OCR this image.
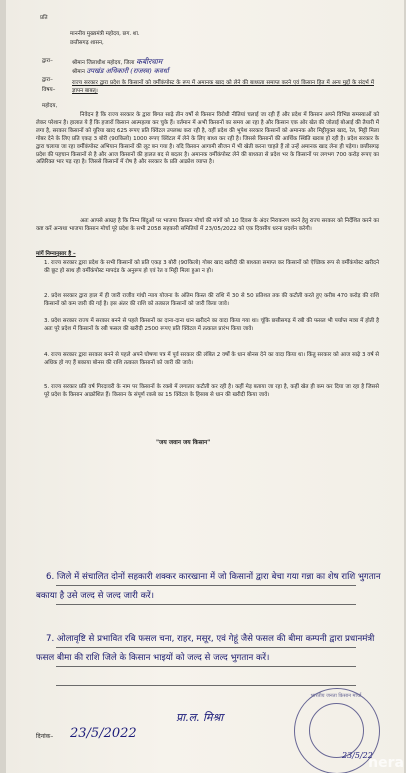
प्रति
माननीय मुख्यमंत्री महोदय, छग. शा.
छत्तीसगढ़ शासन,
द्वारा–	श्रीमान जिलाधीश महोदय, जिला कबीरधाम
श्रीमान उपखंड अधिकारी (राजस्व) कवर्धा
द्वारा–
विषय–
राज्य सरकार द्वारा प्रदेश के किसानों को वर्मीकंपोस्ट के रूप में अमानक खाद को लेने की बाध्यता समाप्त करने एवं किसान हित में अन्य मुद्दों के संदर्भ में ज्ञापन बाबत्‌।
महोदय,
निवेदन है कि राज्य सरकार के द्वारा बिगत साढ़े तीन वर्षों से किसान विरोधी नीतियां चलाई जा रही हैं और प्रदेश में किसान अपने विभिन्न समस्याओं को लेकर परेशान है। हालात ये हैं कि हजारों किसान आत्महत्या कर चुके हैं। वर्तमान में अभी किसानों का समय आ रहा है और किसान एक ओर खेत की जोताई बोआई की तैयारी में लगा है, सरकार किसानों को यूरिया खाद 625 रूपए प्रति क्विंटल उपलब्ध करा रही है, वहीं प्रदेश की भूपेश सरकार किसानों को अमानक और मिट्टीयुक्त खाद, रेत, मिट्टी मिला गोबर देने के लिए प्रति एकड़ 3 बोरी (90किलो) 1000 रूपए क्विंटल में लेने के लिए बाध्य कर रही है। जिससे किसानों की आर्थिक स्थिति खराब हो रही है। प्रदेश सरकार के द्वारा चलाया जा रहा वर्मीकंपोस्ट अभियान किसानों की लूट बन गया है। यदि किसान आगामी सीजन में भी खेती करना चाहते हैं तो उन्हें अमानक खाद लेना ही पड़ेगा। छत्तीसगढ़ प्रदेश की पहचान किसानों से है और आज किसानों की हालत बद से बदतर है। अमानक वर्मीकंपोस्ट लेने की बाध्यता से प्रदेश भर के किसानों पर लगभग 700 करोड़ रूपए का अतिरिक्त भार पड़ रहा है। जिससे किसानों में रोष है और सरकार के प्रति आक्रोश व्याप्त है।
अतः आपसे आग्रह है कि निम्न बिंदुओं पर भाजपा किसान मोर्चा की मांगों को 10 दिवस के अंदर निराकरण करने हेतु राज्य सरकार को निर्देशित करने का कष्ट करें अन्यथा भाजपा किसान मोर्चा पूरे प्रदेश के सभी 2058 सहकारी समितियों में 23/05/2022 को एक दिवसीय धरना प्रदर्शन करेगी।
मांगें निम्नानुसार है –
1. राज्य सरकार द्वारा प्रदेश के सभी किसानों को प्रति एकड़ 3 बोरी (90किलो) गोबर खाद खरीदी की बाध्यता समाप्त कर किसानों को ऐच्छिक रूप से वर्मीकंपोस्ट खरीदने की छूट हो साथ ही वर्मीकंपोस्ट मापदंड के अनुरूप हो एवं रेत व मिट्टी मिला हुआ न हो।
2. प्रदेश सरकार द्वारा हाल में ही जारी राजीव गांधी न्याय योजना के अंतिम किस्त की राशि में 30 से 50 प्रतिशत तक की कटौती करते हुए करीब 470 करोड़ की राशि किसानों को कम जारी की गई है। इस अंतर की राशि को तत्काल किसानों को जारी किया जावे।
3. प्रदेश सरकार राज्य में सरकार बनने से पहले किसानों का दाना-दाना धान खरीदने का वादा किया गया था। चूंकि छत्तीसगढ़ में रबी की फसल भी पर्याप्त मात्रा में होती है अतः पूरे प्रदेश में किसानों के रबी फसल की खरीदी 2500 रूपए प्रति क्विंटल में तत्काल प्रारंभ किया जावे।
4. राज्य सरकार द्वारा सरकार बनने से पहले अपने घोषणा पत्र में पूर्व सरकार की लंबित 2 वर्षों के धान बोनस देने का वादा किया था। किंतु सरकार को आज साढ़े 3 वर्ष से अधिक हो गए हैं बकाया बोनस की राशि तत्काल किसानों को जारी की जावे।
5. राज्य सरकार प्रति वर्ष गिरदावरी के नाम पर किसानों के रकबे में लगातार कटौती कर रही है। कहीं मेड़ बताया जा रहा है, कहीं खेत ही कम कर दिया जा रहा है जिससे पूरे प्रदेश के किसान आक्रोशित हैं। किसान के संपूर्ण रकबे का 15 क्विंटल के हिसाब से धान की खरीदी किया जावे।
"जय जवान जय किसान"
6. जिले में संचालित दोनों सहकारी शक्कर कारखाना में जो किसानों द्वारा बेचा गया गन्ना का शेष राशि भुगतान बकाया है उसे जल्द से जल्द जारी करें।
7. ओलावृष्टि से प्रभावित रबि फसल चना, राहर, मसूर, एवं गेहूं जैसे फसल की बीमा कम्पनी द्वारा प्रधानमंत्री फसल बीमा की राशि जिले के किसान भाइयों को जल्द से जल्द भुगतान करें।
प्रा.ल. मिश्रा
दिनांक– 23/5/2022
भारतीय जनता किसान मोर्चा
23/5/22
nera
